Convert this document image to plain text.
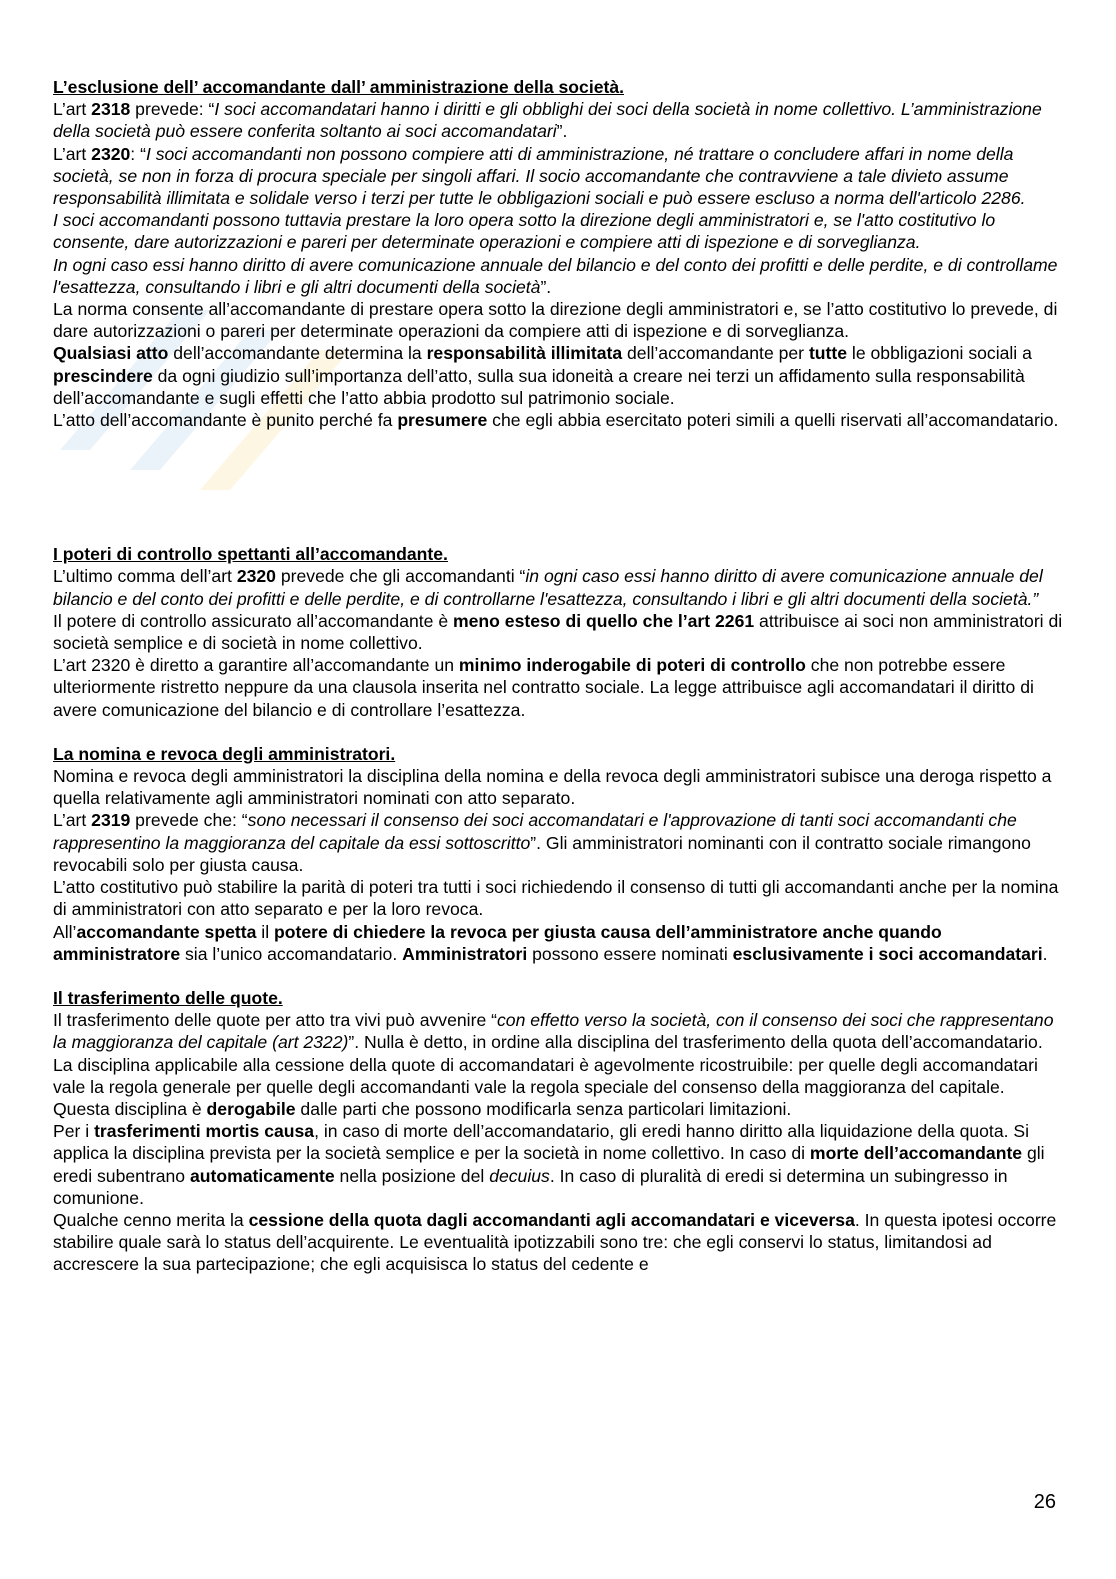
L’esclusione dell’ accomandante dall’ amministrazione della società.

L’art 2318 prevede: “I soci accomandatari hanno i diritti e gli obblighi dei soci della società in nome collettivo. L’amministrazione della società può essere conferita soltanto ai soci accomandatari”.

L’art 2320: “I soci accomandanti non possono compiere atti di amministrazione, né trattare o concludere affari in nome della società, se non in forza di procura speciale per singoli affari. Il socio accomandante che contravviene a tale divieto assume responsabilità illimitata e solidale verso i terzi per tutte le obbligazioni sociali e può essere escluso a norma dell'articolo 2286.

I soci accomandanti possono tuttavia prestare la loro opera sotto la direzione degli amministratori e, se l'atto costitutivo lo consente, dare autorizzazioni e pareri per determinate operazioni e compiere atti di ispezione e di sorveglianza.

In ogni caso essi hanno diritto di avere comunicazione annuale del bilancio e del conto dei profitti e delle perdite, e di controllame l'esattezza, consultando i libri e gli altri documenti della società”.

La norma consente all’accomandante di prestare opera sotto la direzione degli amministratori e, se l’atto costitutivo lo prevede, di dare autorizzazioni o pareri per determinate operazioni da compiere atti di ispezione e di sorveglianza.

Qualsiasi atto dell’accomandante determina la responsabilità illimitata dell’accomandante per tutte le obbligazioni sociali a prescindere da ogni giudizio sull’importanza dell’atto, sulla sua idoneità a creare nei terzi un affidamento sulla responsabilità dell’accomandante e sugli effetti che l’atto abbia prodotto sul patrimonio sociale.

L’atto dell’accomandante è punito perché fa presumere che egli abbia esercitato poteri simili a quelli riservati all’accomandatario.

I poteri di controllo spettanti all’accomandante.

L’ultimo comma dell’art 2320 prevede che gli accomandanti “in ogni caso essi hanno diritto di avere comunicazione annuale del bilancio e del conto dei profitti e delle perdite, e di controllarne l'esattezza, consultando i libri e gli altri documenti della società.”

Il potere di controllo assicurato all’accomandante è meno esteso di quello che l’art 2261 attribuisce ai soci non amministratori di società semplice e di società in nome collettivo.

L’art 2320 è diretto a garantire all’accomandante un minimo inderogabile di poteri di controllo che non potrebbe essere ulteriormente ristretto neppure da una clausola inserita nel contratto sociale. La legge attribuisce agli accomandatari il diritto di avere comunicazione del bilancio e di controllare l’esattezza.

La nomina e revoca degli amministratori.

Nomina e revoca degli amministratori la disciplina della nomina e della revoca degli amministratori subisce una deroga rispetto a quella relativamente agli amministratori nominati con atto separato.

L’art 2319 prevede che: “sono necessari il consenso dei soci accomandatari e l'approvazione di tanti soci accomandanti che rappresentino la maggioranza del capitale da essi sottoscritto”. Gli amministratori nominanti con il contratto sociale rimangono revocabili solo per giusta causa.

L’atto costitutivo può stabilire la parità di poteri tra tutti i soci richiedendo il consenso di tutti gli accomandanti anche per la nomina di amministratori con atto separato e per la loro revoca.

All’accomandante spetta il potere di chiedere la revoca per giusta causa dell’amministratore anche quando amministratore sia l’unico accomandatario. Amministratori possono essere nominati esclusivamente i soci accomandatari.

Il trasferimento delle quote.

Il trasferimento delle quote per atto tra vivi può avvenire “con effetto verso la società, con il consenso dei soci che rappresentano la maggioranza del capitale (art 2322)”. Nulla è detto, in ordine alla disciplina del trasferimento della quota dell’accomandatario. La disciplina applicabile alla cessione della quote di accomandatari è agevolmente ricostruibile: per quelle degli accomandatari vale la regola generale per quelle degli accomandanti vale la regola speciale del consenso della maggioranza del capitale. Questa disciplina è derogabile dalle parti che possono modificarla senza particolari limitazioni.

Per i trasferimenti mortis causa, in caso di morte dell’accomandatario, gli eredi hanno diritto alla liquidazione della quota. Si applica la disciplina prevista per la società semplice e per la società in nome collettivo. In caso di morte dell’accomandante gli eredi subentrano automaticamente nella posizione del decuius. In caso di pluralità di eredi si determina un subingresso in comunione.

Qualche cenno merita la cessione della quota dagli accomandanti agli accomandatari e viceversa. In questa ipotesi occorre stabilire quale sarà lo status dell’acquirente. Le eventualità ipotizzabili sono tre: che egli conservi lo status, limitandosi ad accrescere la sua partecipazione; che egli acquisisca lo status del cedente e

26
